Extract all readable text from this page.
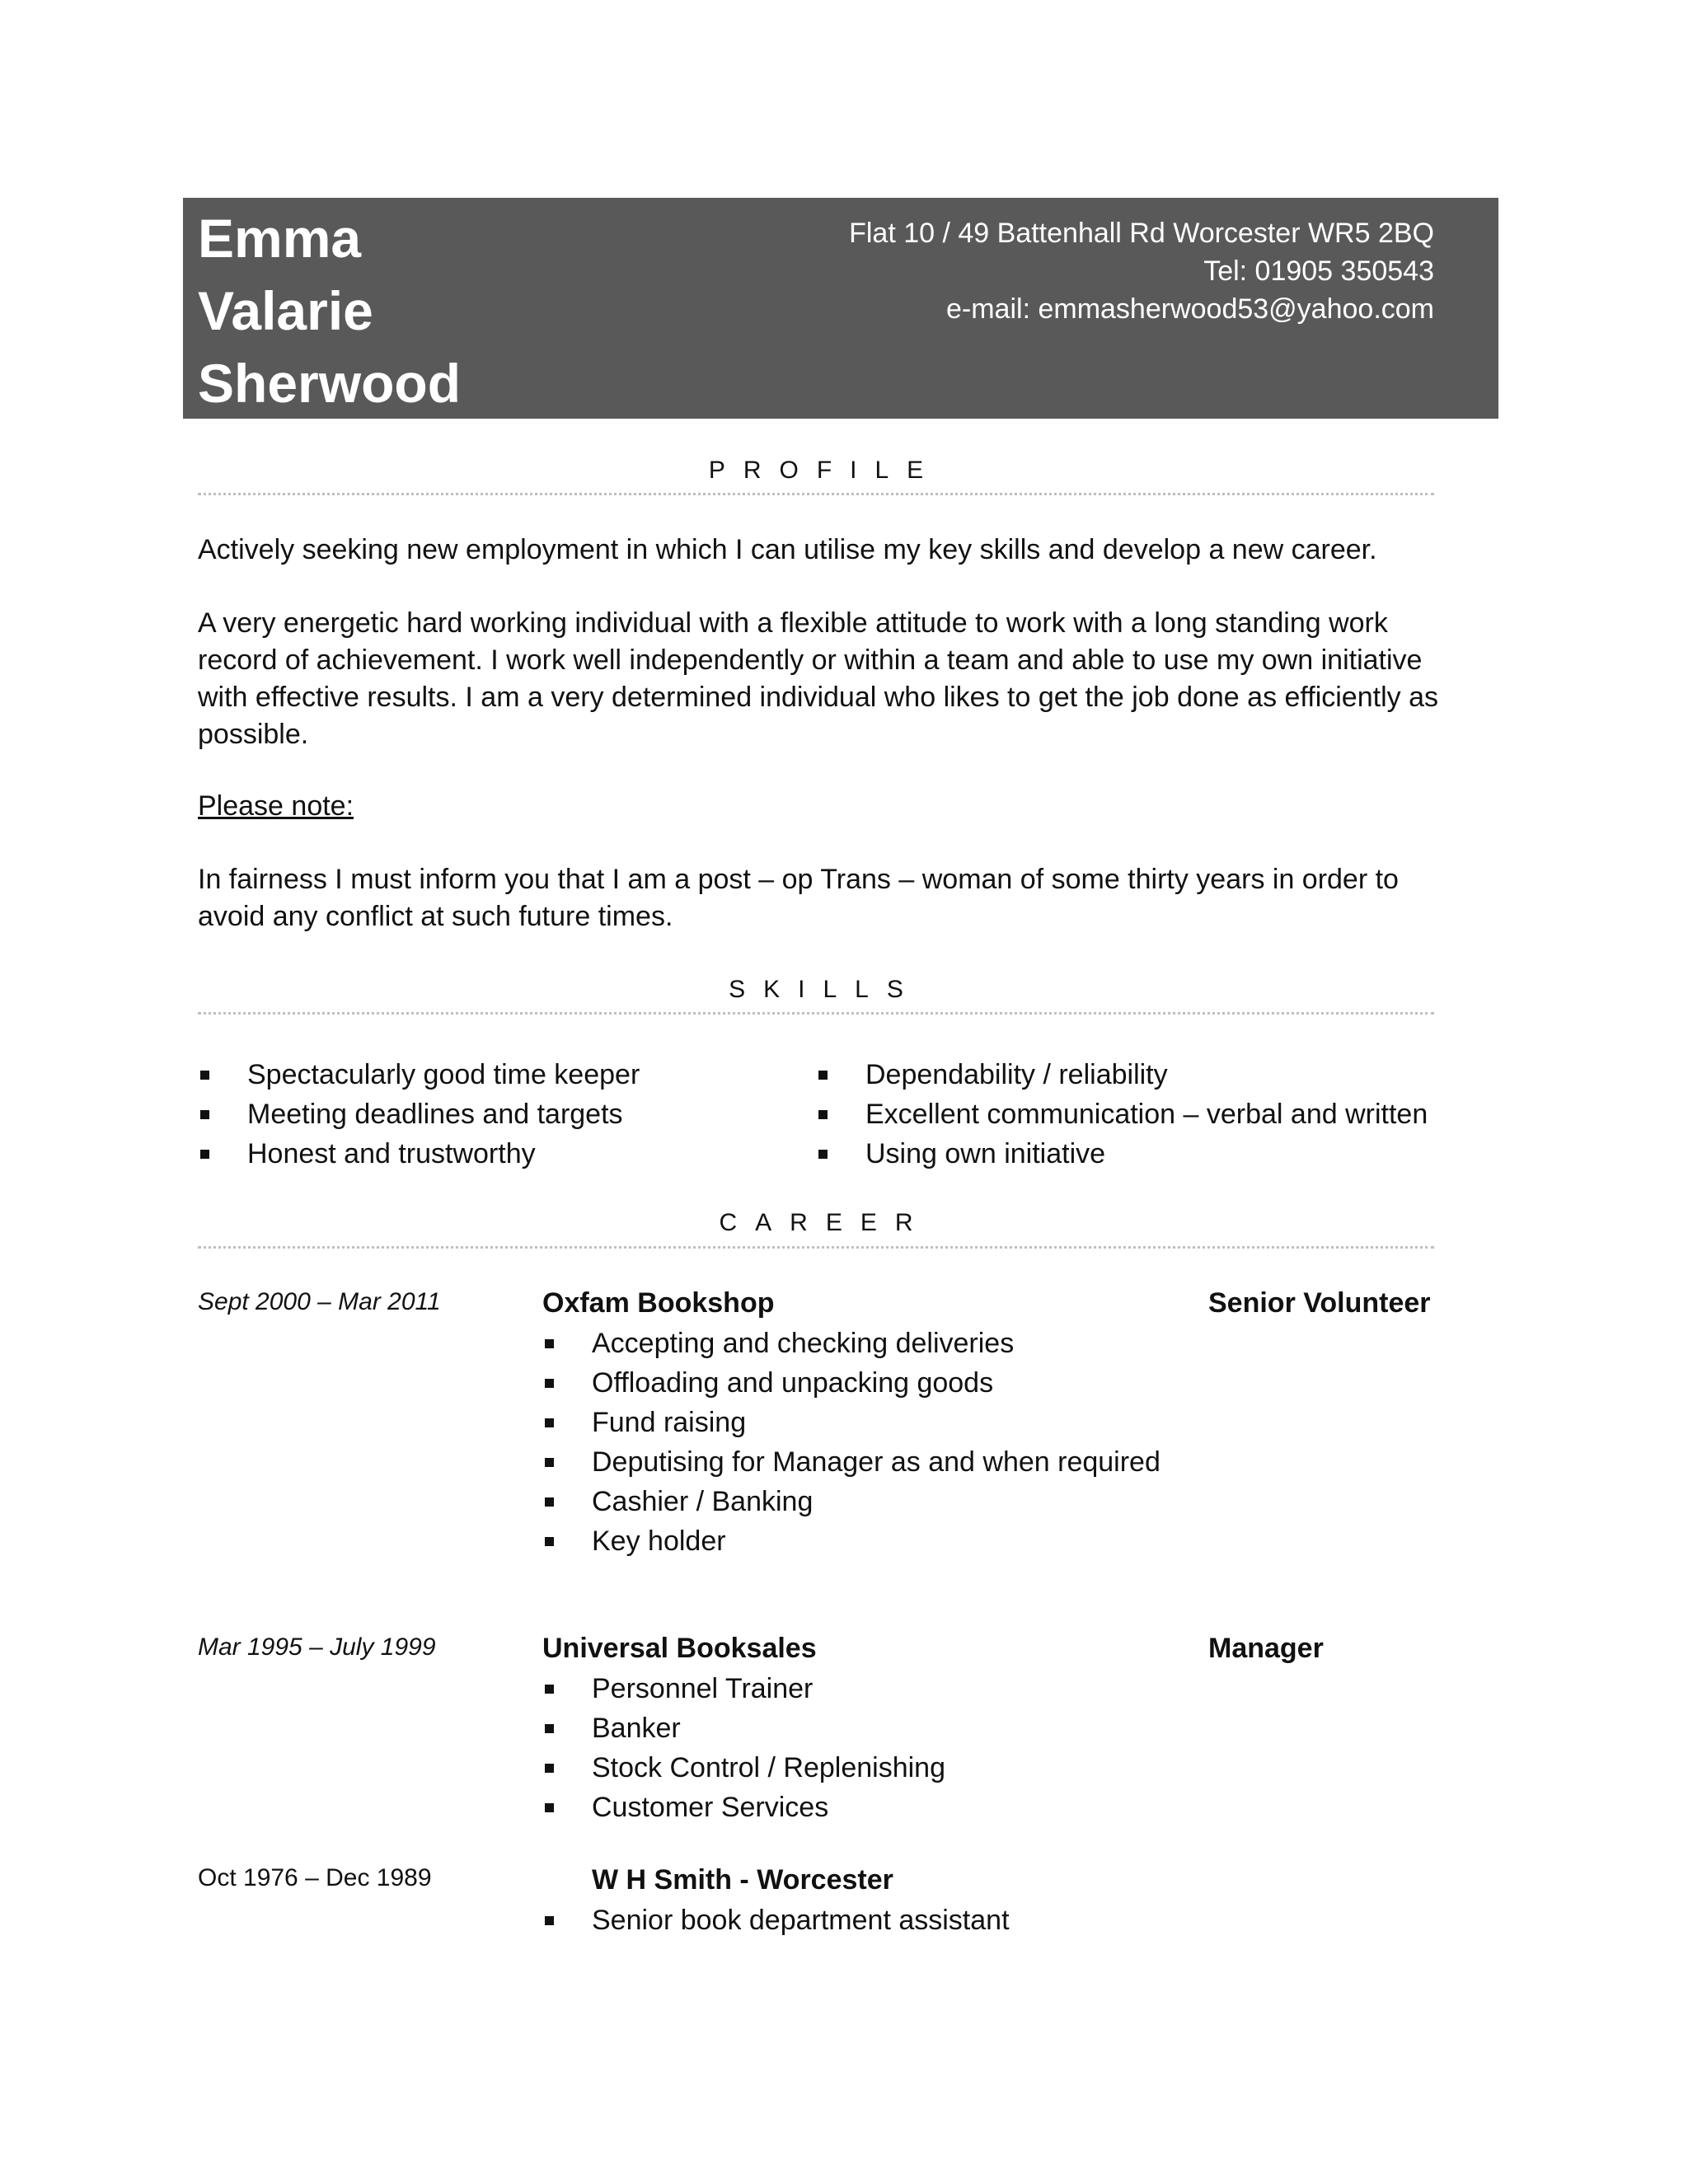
Emma
Valarie
Sherwood
Flat 10 / 49 Battenhall Rd Worcester WR5 2BQ
Tel: 01905 350543
e-mail: emmasherwood53@yahoo.com
PROFILE

Actively seeking new employment in which I can utilise my key skills and develop a new career.

A very energetic hard working individual with a flexible attitude to work with a long standing work record of achievement. I work well independently or within a team and able to use my own initiative with effective results. I am a very determined individual who likes to get the job done as efficiently as possible.

Please note:

In fairness I must inform you that I am a post – op Trans – woman of some thirty years in order to avoid any conflict at such future times.

SKILLS
Spectacularly good time keeper
Meeting deadlines and targets
Honest and trustworthy
Dependability / reliability
Excellent communication – verbal and written
Using own initiative
CAREER
Sept 2000 – Mar 2011	Oxfam Bookshop	Senior Volunteer
Accepting and checking deliveries
Offloading and unpacking goods
Fund raising
Deputising for Manager as and when required
Cashier / Banking
Key holder
Mar 1995 – July 1999	Universal Booksales	Manager
Personnel Trainer
Banker
Stock Control / Replenishing
Customer Services
Oct 1976 – Dec 1989	W H Smith - Worcester
Senior book department assistant
